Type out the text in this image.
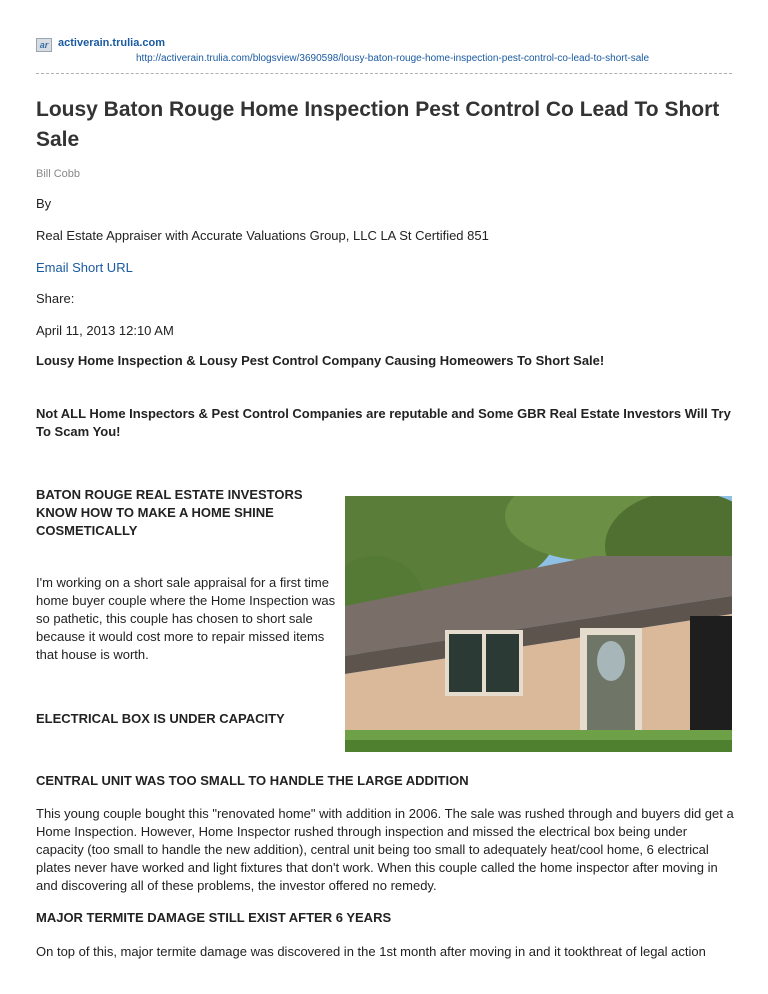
ar activerain.trulia.com
http://activerain.trulia.com/blogsview/3690598/lousy-baton-rouge-home-inspection-pest-control-co-lead-to-short-sale
Lousy Baton Rouge Home Inspection Pest Control Co Lead To Short Sale
Bill Cobb
By
Real Estate Appraiser with Accurate Valuations Group, LLC LA St Certified 851
Email Short URL
Share:
April 11, 2013 12:10 AM

Lousy Home Inspection & Lousy Pest Control Company Causing Homeowers To Short Sale!

Not ALL Home Inspectors & Pest Control Companies are reputable and Some GBR Real Estate Investors Will Try To Scam You!

BATON ROUGE REAL ESTATE INVESTORS KNOW HOW TO MAKE A HOME SHINE COSMETICALLY

I'm working on a short sale appraisal for a first time home buyer couple where the Home Inspection was so pathetic, this couple has chosen to short sale because it would cost more to repair missed items that house is worth.

ELECTRICAL BOX IS UNDER CAPACITY

CENTRAL UNIT WAS TOO SMALL TO HANDLE THE LARGE ADDITION

This young couple bought this "renovated home" with addition in 2006. The sale was rushed through and buyers did get a Home Inspection. However, Home Inspector rushed through inspection and missed the electrical box being under capacity (too small to handle the new addition), central unit being too small to adequately heat/cool home, 6 electrical plates never have worked and light fixtures that don't work. When this couple called the home inspector after moving in and discovering all of these problems, the investor offered no remedy.

MAJOR TERMITE DAMAGE STILL EXIST AFTER 6 YEARS

On top of this, major termite damage was discovered in the 1st month after moving in and it tookthreat of legal action
